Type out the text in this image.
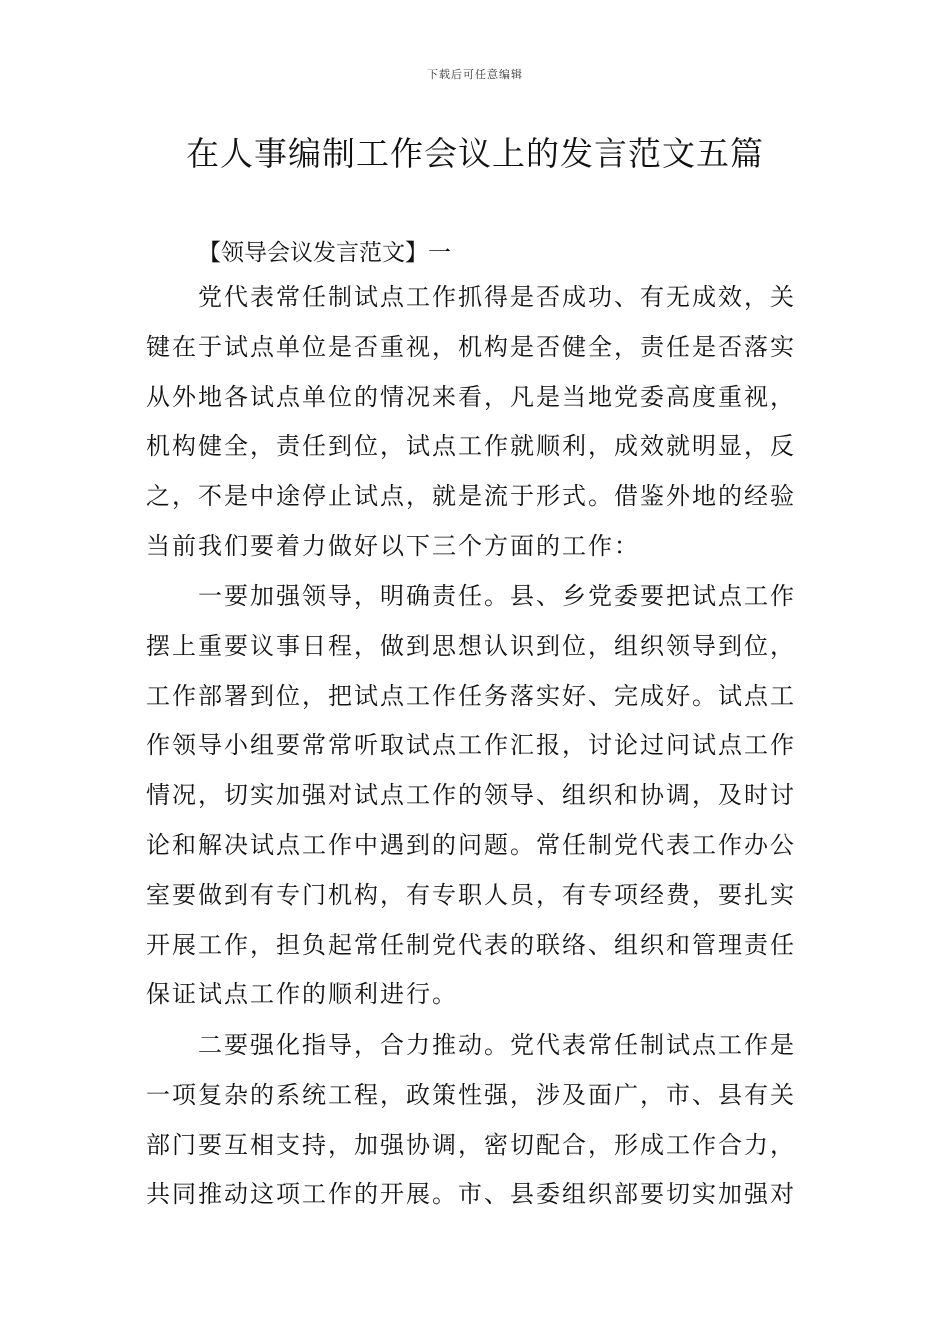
下载后可任意编辑
在人事编制工作会议上的发言范文五篇
【领导会议发言范文】一
党代表常任制试点工作抓得是否成功、有无成效，关
键在于试点单位是否重视，机构是否健全，责任是否落实
从外地各试点单位的情况来看，凡是当地党委高度重视，
机构健全，责任到位，试点工作就顺利，成效就明显，反
之，不是中途停止试点，就是流于形式。借鉴外地的经验
当前我们要着力做好以下三个方面的工作：
一要加强领导，明确责任。县、乡党委要把试点工作
摆上重要议事日程，做到思想认识到位，组织领导到位，
工作部署到位，把试点工作任务落实好、完成好。试点工
作领导小组要常常听取试点工作汇报，讨论过问试点工作
情况，切实加强对试点工作的领导、组织和协调，及时讨
论和解决试点工作中遇到的问题。常任制党代表工作办公
室要做到有专门机构，有专职人员，有专项经费，要扎实
开展工作，担负起常任制党代表的联络、组织和管理责任
保证试点工作的顺利进行。
二要强化指导，合力推动。党代表常任制试点工作是
一项复杂的系统工程，政策性强，涉及面广，市、县有关
部门要互相支持，加强协调，密切配合，形成工作合力，
共同推动这项工作的开展。市、县委组织部要切实加强对
